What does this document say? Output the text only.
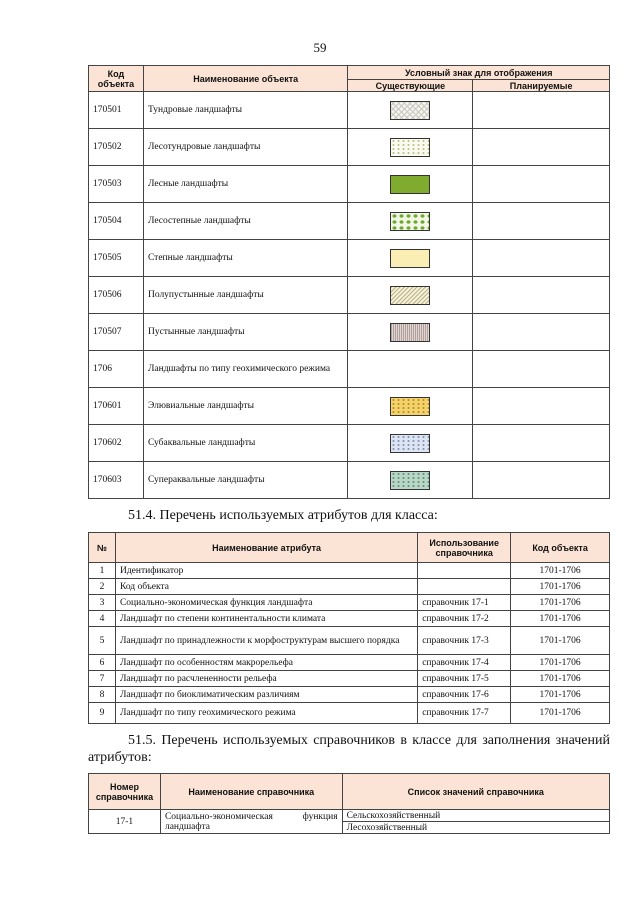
59
Код объекта	Наименование объекта	Условный знак для отображения	
		Существующие	Планируемые
170501	Тундровые ландшафты	

170502	Лесотундровые ландшафты	

170503	Лесные ландшафты	

170504	Лесостепные ландшафты	

170505	Степные ландшафты	

170506	Полупустынные ландшафты	

170507	Пустынные ландшафты	

1706	Ландшафты по типу геохимического режима		
170601	Элювиальные ландшафты	

170602	Субаквальные ландшафты	

170603	Супераквальные ландшафты	

51.4. Перечень используемых атрибутов для класса:
№	Наименование атрибута	Использование справочника	Код объекта
1	Идентификатор		1701-1706
2	Код объекта		1701-1706
3	Социально-экономическая функция ландшафта	справочник 17-1	1701-1706
4	Ландшафт по степени континентальности климата	справочник 17-2	1701-1706
5	Ландшафт по принадлежности к морфоструктурам высшего порядка	справочник 17-3	1701-1706
6	Ландшафт по особенностям макрорельефа	справочник 17-4	1701-1706
7	Ландшафт по расчлененности рельефа	справочник 17-5	1701-1706
8	Ландшафт по биоклиматическим различиям	справочник 17-6	1701-1706
9	Ландшафт по типу геохимического режима	справочник 17-7	1701-1706
51.5. Перечень используемых справочников в классе для заполнения значений атрибутов:
Номер справочника	Наименование справочника	Список значений справочника
17-1	Социально-экономическая функция ландшафта	Сельскохозяйственный
		Лесохозяйственный
